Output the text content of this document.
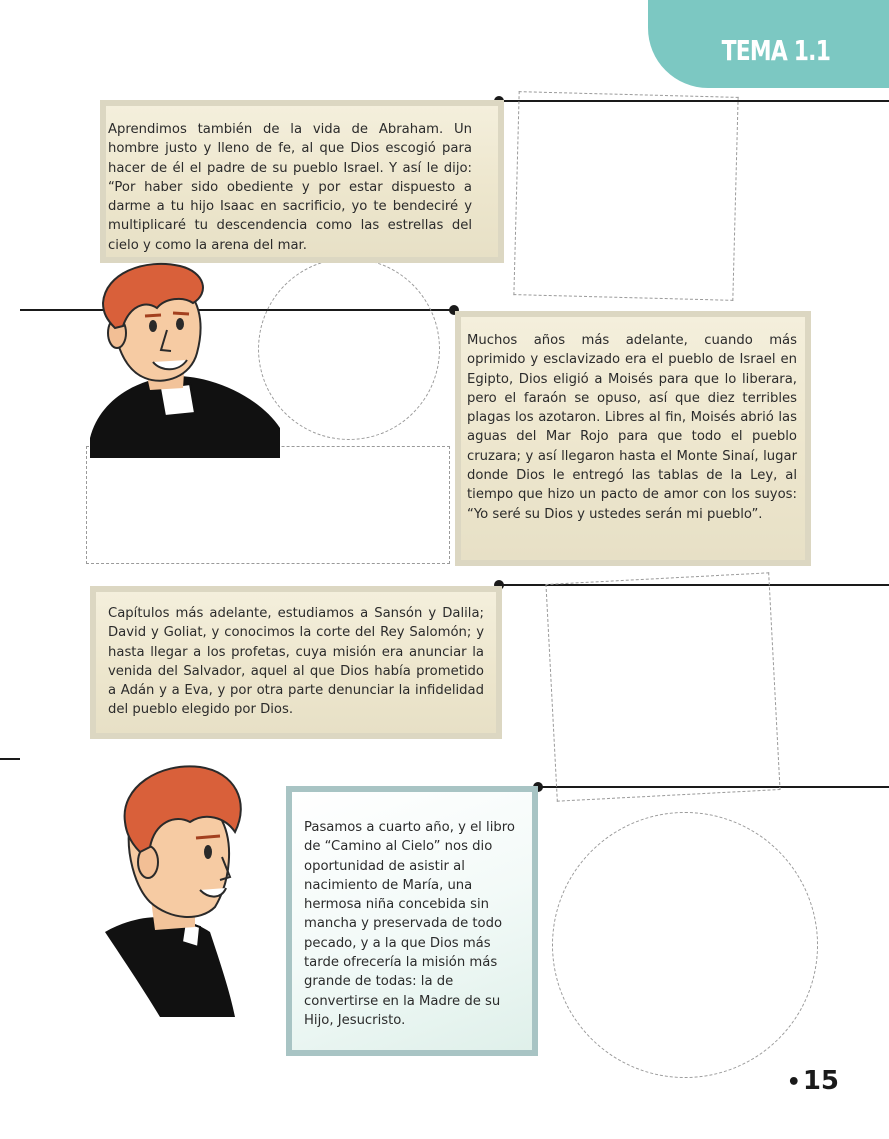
TEMA 1.1
Aprendimos también de la vida de Abraham. Un hombre justo y lleno de fe, al que Dios escogió para hacer de él el padre de su pueblo Israel. Y así le dijo: “Por haber sido obediente y por estar dispuesto a darme a tu hijo Isaac en sacrificio, yo te bendeciré y multiplicaré tu descendencia como las estrellas del cielo y como la arena del mar.
Muchos años más adelante, cuando más oprimido y esclavizado era el pueblo de Israel en Egipto, Dios eligió a Moisés para que lo liberara, pero el faraón se opuso, así que diez terribles plagas los azotaron. Libres al fin, Moisés abrió las aguas del Mar Rojo para que todo el pueblo cruzara; y así llegaron hasta el Monte Sinaí, lugar donde Dios le entregó las tablas de la Ley, al tiempo que hizo un pacto de amor con los suyos: “Yo seré su Dios y ustedes serán mi pueblo”.
Capítulos más adelante, estudiamos a Sansón y Dalila; David y Goliat, y conocimos la corte del Rey Salomón; y hasta llegar a los profetas, cuya misión era anunciar la venida del Salvador, aquel al que Dios había prometido a Adán y a Eva, y por otra parte denunciar la infidelidad del pueblo elegido por Dios.
Pasamos a cuarto año, y el libro de “Camino al Cielo” nos dio oportunidad de asistir al nacimiento de María, una hermosa niña concebida sin mancha y preservada de todo pecado, y a la que Dios más tarde ofrecería la misión más grande de todas: la de convertirse en la Madre de su Hijo, Jesucristo.
•15
